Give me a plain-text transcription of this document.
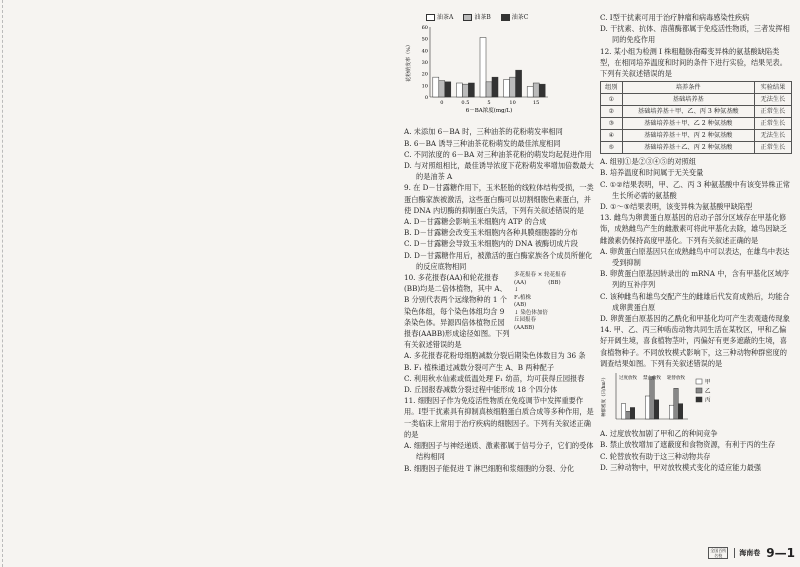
油茶A	油茶B	油茶C
花粉萌发率（%）
0
10
20
30
40
50
60
0	0.5	5	10	15
6－BA浓度(mg/L)

A. 未添加 6－BA 时，三种油茶的花粉萌发率相同

B. 6－BA 诱导三种油茶花粉萌发的最佳浓度相同

C. 不同浓度的 6－BA 对三种油茶花粉的萌发均起促进作用

D. 与对照组相比，最佳诱导浓度下花粉萌发率增加倍数最大的是油茶 A

9. 在 D－甘露糖作用下，玉米胚胎的线粒体结构受损，一类蛋白酶家族被激活，这些蛋白酶可以切割细胞色素蛋白，并使 DNA 内切酶的抑制蛋白失活，下列有关叙述错误的是

A. D－甘露糖会影响玉米细胞内 ATP 的合成

B. D－甘露糖会改变玉米细胞内各种具膜细胞器的分布

C. D－甘露糖会导致玉米细胞内的 DNA 被酶切成片段

D. D－甘露糖作用后，被激活的蛋白酶家族各个成员所催化的反应底物相同

多花报春 × 轮花报春
(AA)　　　　(BB)
↓
F₁植株
(AB)
↓ 染色体加倍
丘园报春
(AABB)

10. 多花报春(AA)和轮花报春(BB)均是二倍体植物，其中 A、B 分别代表两个远缘物种的 1 个染色体组，每个染色体组均含 9 条染色体。异源四倍体植物丘园报春(AABB)形成途径如图。下列有关叙述错误的是

A. 多花报春花粉母细胞减数分裂后期染色体数目为 36 条

B. F₁ 植株通过减数分裂可产生 A、B 两种配子

C. 利用秋水仙素或低温处理 F₁ 幼苗，均可获得丘园报春

D. 丘园报春减数分裂过程中能形成 18 个四分体

11. 细胞因子作为免疫活性物质在免疫调节中发挥重要作用。Ⅰ型干扰素具有抑制真核细胞蛋白质合成等多种作用，是一类临床上常用于治疗疾病的细胞因子。下列有关叙述正确的是

A. 细胞因子与神经递质、激素都属于信号分子，它们的受体结构相同

B. 细胞因子能促进 T 淋巴细胞和浆细胞的分裂、分化

C. Ⅰ型干扰素可用于治疗肿瘤和病毒感染性疾病

D. 干扰素、抗体、溶菌酶都属于免疫活性物质，三者发挥相同的免疫作用

12. 某小组为检测 Ⅰ 株粗糙脉孢霉变异株的氨基酸缺陷类型，在相同培养温度和时间的条件下进行实验，结果见表。下列有关叙述错误的是

组别	培养条件	实验结果
①	基础培养基	无法生长
②	基础培养基＋甲、乙、丙 3 种氨基酸	正常生长
③	基础培养基＋甲、乙 2 种氨基酸	正常生长
④	基础培养基＋甲、丙 2 种氨基酸	无法生长
⑤	基础培养基＋乙、丙 2 种氨基酸	正常生长

A. 组别①是②③④⑤的对照组

B. 培养温度和时间属于无关变量

C. ①②结果表明，甲、乙、丙 3 种氨基酸中有该变异株正常生长所必需的氨基酸

D. ①～⑤结果表明，该变异株为氨基酸甲缺陷型

13. 雌鸟为卵黄蛋白原基因的启动子部分区域存在甲基化修饰，成熟雌鸟产生的雌激素可将此甲基化去除，雄鸟因缺乏雌激素仍保持高度甲基化。下列有关叙述正确的是

A. 卵黄蛋白原基因只在成熟雌鸟中可以表达，在雄鸟中表达受到抑制

B. 卵黄蛋白原基因转录出的 mRNA 中，含有甲基化区域序列的互补序列

C. 该种雌鸟和雄鸟交配产生的雌雄后代发育成熟后，均能合成卵黄蛋白原

D. 卵黄蛋白原基因的乙酰化和甲基化均可产生表观遗传现象

14. 甲、乙、丙三种啮齿动物共同生活在某牧区，甲和乙偏好开阔生境，喜食植物茎叶，丙偏好有更多遮蔽的生境，喜食植物种子。不同放牧模式影响下，这三种动物种群密度的调查结果如图。下列有关叙述错误的是

种群密度（只/hm²）	过度放牧 禁止放牧 轮替放牧
甲
乙
丙

A. 过度放牧加剧了甲和乙的种间竞争

B. 禁止放牧增加了遮蔽度和食物资源，有利于丙的生存

C. 轮替放牧有助于这三种动物共存

D. 三种动物中，甲对放牧模式变化的适应能力最强

全国百所名校	海南卷 9—1
